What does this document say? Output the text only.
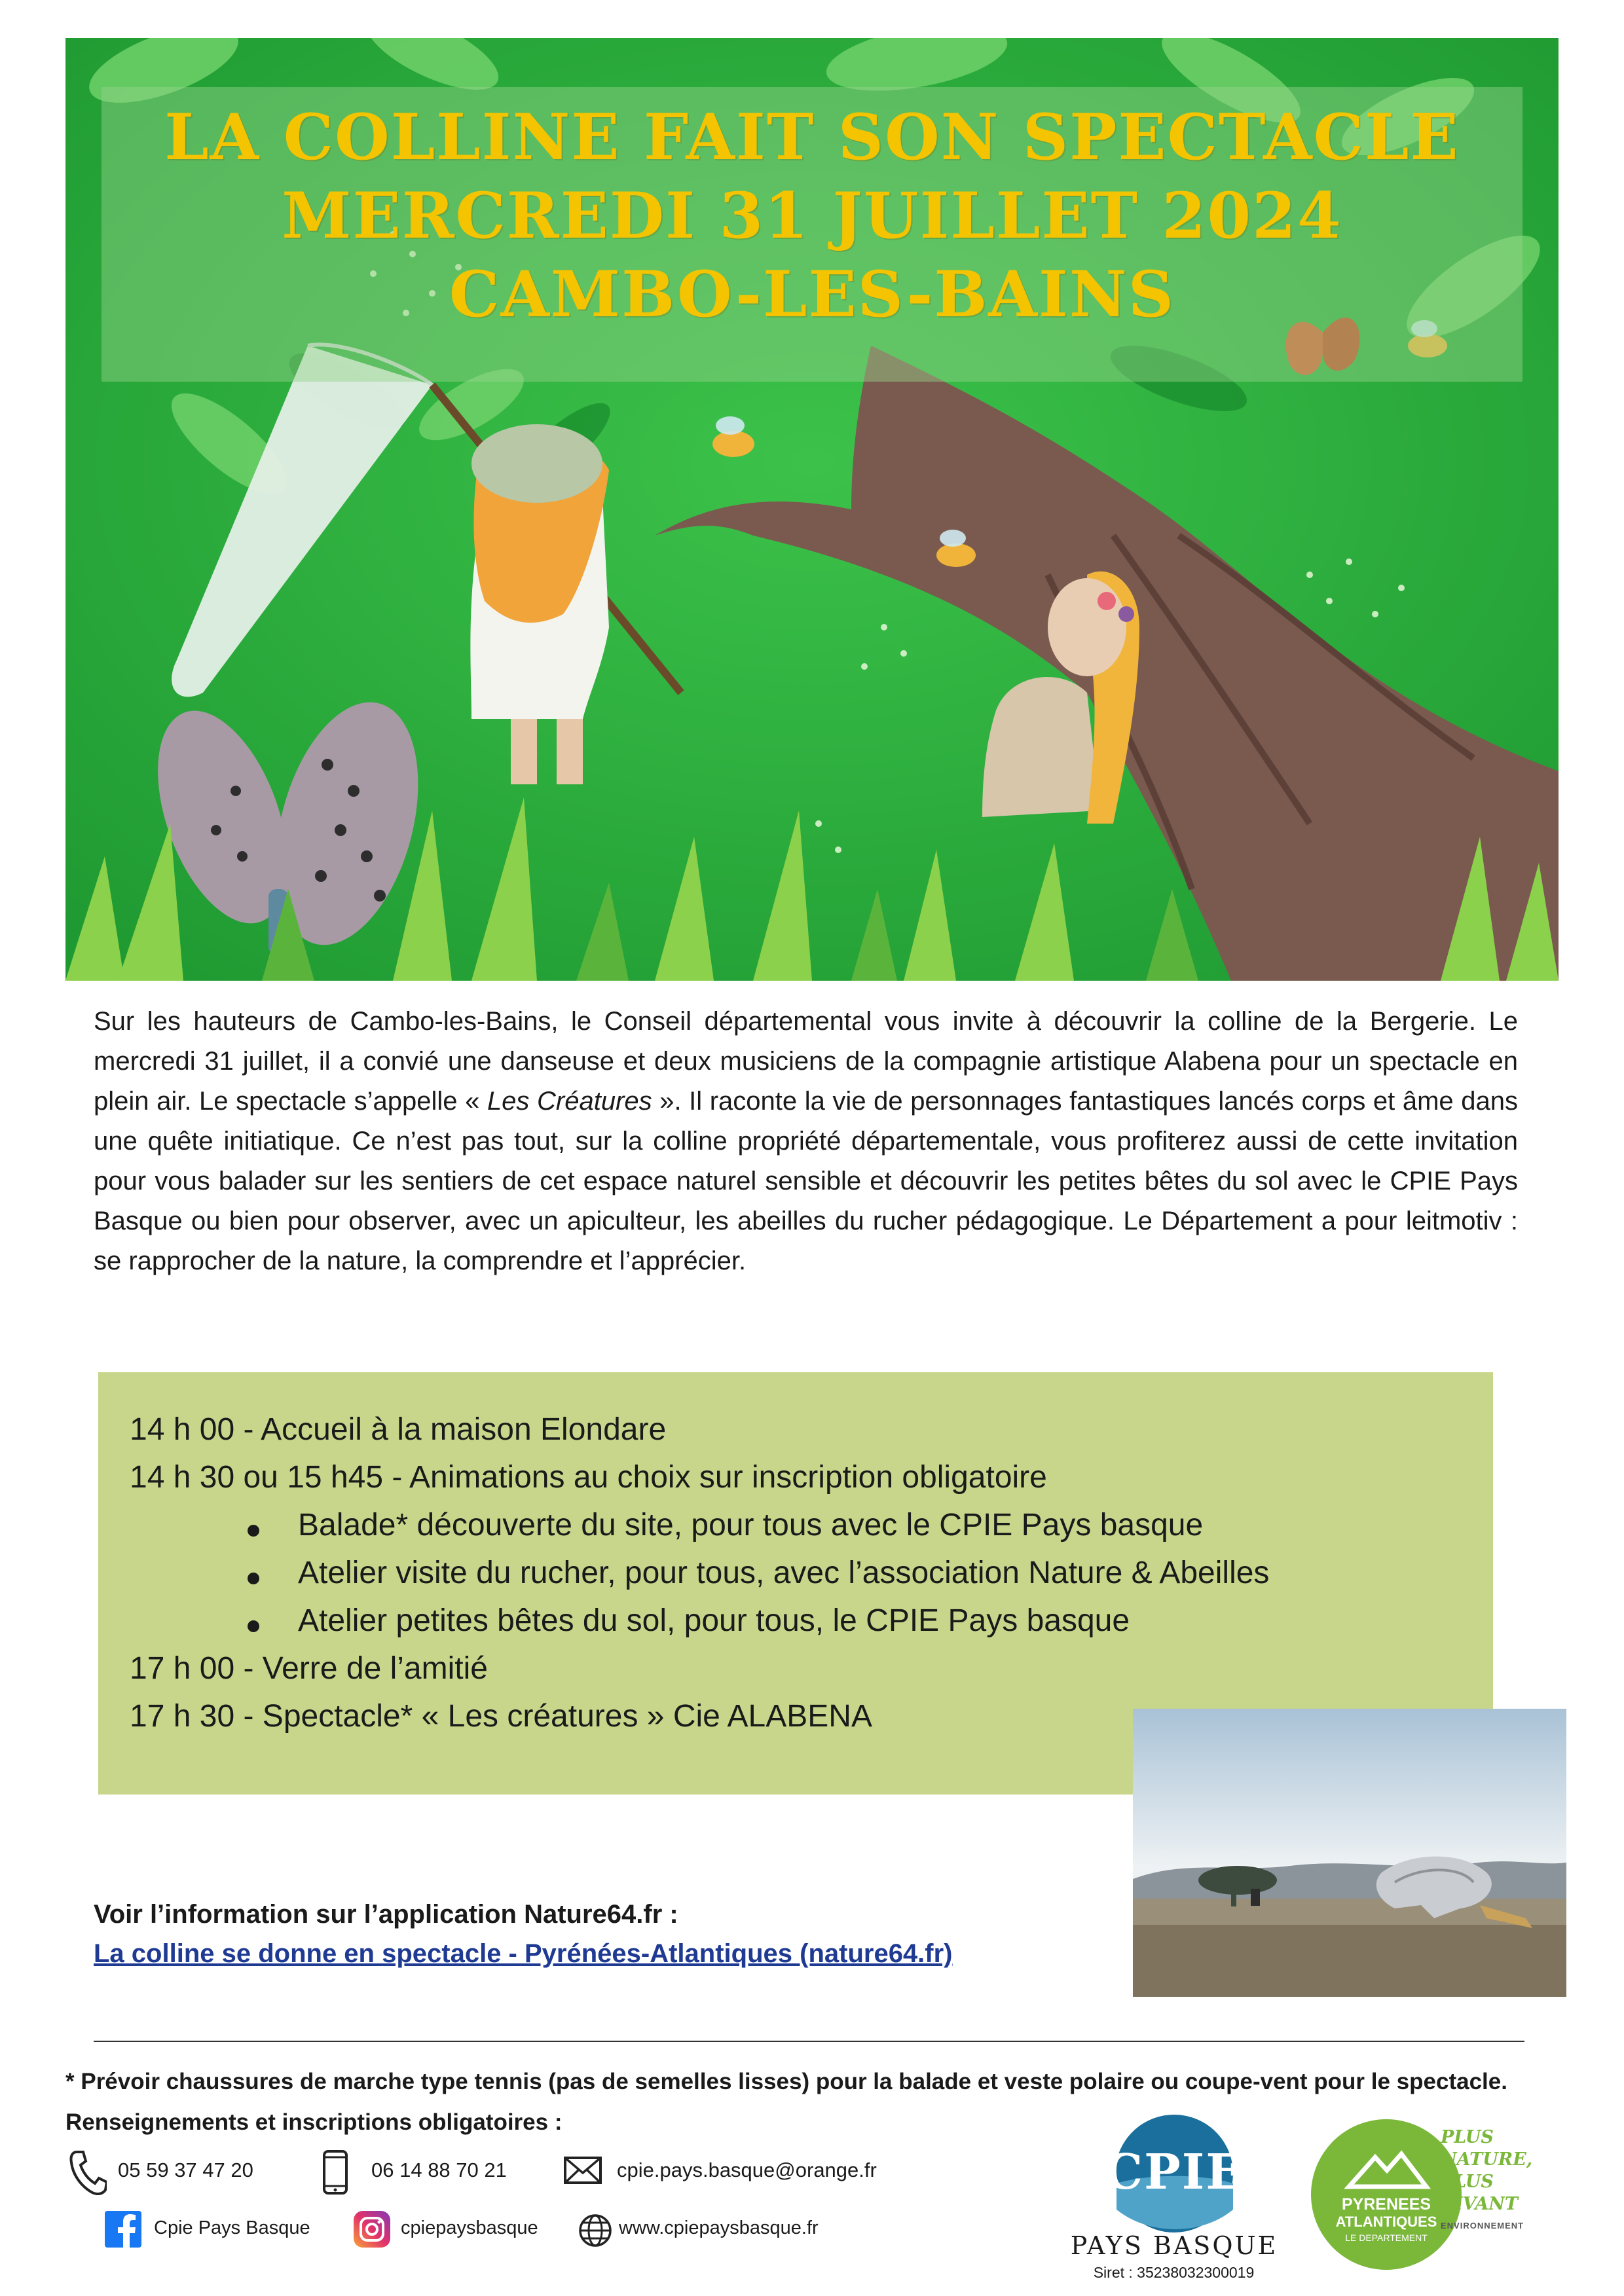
LA COLLINE FAIT SON SPECTACLE
MERCREDI 31 JUILLET 2024
CAMBO-LES-BAINS
Sur les hauteurs de Cambo-les-Bains, le Conseil départemental vous invite à découvrir la colline de la Bergerie. Le mercredi 31 juillet, il a convié une danseuse et deux musiciens de la compagnie artistique Alabena pour un spectacle en plein air. Le spectacle s’appelle « Les Créatures ». Il raconte la vie de personnages fantastiques lancés corps et âme dans une quête initiatique. Ce n’est pas tout, sur la colline propriété départementale, vous profiterez aussi de cette invitation pour vous balader sur les sentiers de cet espace naturel sensible et découvrir les petites bêtes du sol avec le CPIE Pays Basque ou bien pour observer, avec un apiculteur, les abeilles du rucher pédagogique. Le Département a pour leitmotiv : se rapprocher de la nature, la comprendre et l’apprécier.
14 h 00 - Accueil à la maison Elondare
14 h 30 ou 15 h45 - Animations au choix sur inscription obligatoire
Balade* découverte du site, pour tous avec le CPIE Pays basque
Atelier visite du rucher, pour tous, avec l’association Nature & Abeilles
Atelier petites bêtes du sol, pour tous, le CPIE Pays basque
17 h 00 - Verre de l’amitié
17 h 30 - Spectacle* « Les créatures » Cie ALABENA
Voir l’information sur l’application Nature64.fr :
La colline se donne en spectacle - Pyrénées-Atlantiques (nature64.fr)
* Prévoir chaussures de marche type tennis (pas de semelles lisses) pour la balade et veste polaire ou coupe-vent pour le spectacle.
Renseignements et inscriptions obligatoires :
05 59 37 47 20	06 14 88 70 21	cpie.pays.basque@orange.fr
Cpie Pays Basque	cpiepaysbasque	www.cpiepaysbasque.fr
CPIE
PAYS BASQUE
Siret : 35238032300019
PYRENEES
ATLANTIQUES
LE DEPARTEMENT
PLUS NATURE,
PLUS VIVANT
ENVIRONNEMENT
